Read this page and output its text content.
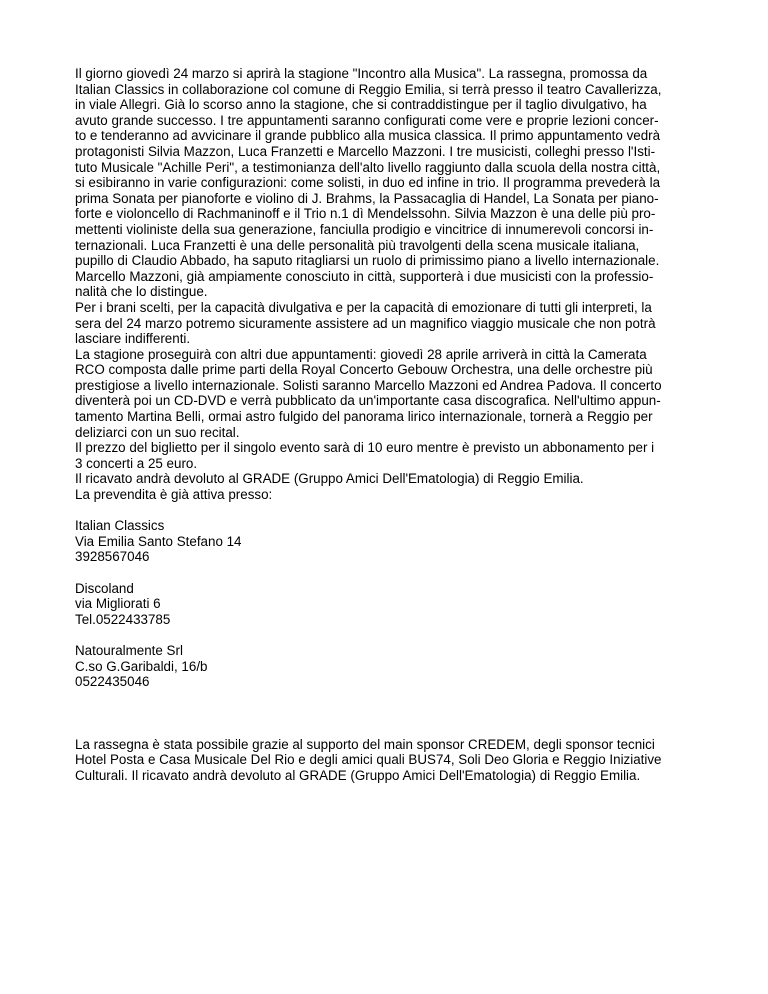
Il giorno giovedì 24 marzo si aprirà la stagione "Incontro alla Musica". La rassegna, promossa da
Italian Classics in collaborazione col comune di Reggio Emilia, si terrà presso il teatro Cavallerizza,
in viale Allegri. Già lo scorso anno la stagione, che si contraddistingue per il taglio divulgativo, ha
avuto grande successo. I tre appuntamenti saranno configurati come vere e proprie lezioni concer-
to e tenderanno ad avvicinare il grande pubblico alla musica classica. Il primo appuntamento vedrà
protagonisti Silvia Mazzon, Luca Franzetti e Marcello Mazzoni. I tre musicisti, colleghi presso l'Isti-
tuto Musicale "Achille Peri", a testimonianza dell'alto livello raggiunto dalla scuola della nostra città,
si esibiranno in varie configurazioni: come solisti, in duo ed infine in trio. Il programma prevederà la
prima Sonata per pianoforte e violino di J. Brahms, la Passacaglia di Handel, La Sonata per piano-
forte e violoncello di Rachmaninoff e il Trio n.1 dì Mendelssohn. Silvia Mazzon è una delle più pro-
mettenti violiniste della sua generazione, fanciulla prodigio e vincitrice di innumerevoli concorsi in-
ternazionali. Luca Franzetti è una delle personalità più travolgenti della scena musicale italiana,
pupillo di Claudio Abbado, ha saputo ritagliarsi un ruolo di primissimo piano a livello internazionale.
Marcello Mazzoni, già ampiamente conosciuto in città, supporterà i due musicisti con la professio-
nalità che lo distingue.
Per i brani scelti, per la capacità divulgativa e per la capacità di emozionare di tutti gli interpreti, la
sera del 24 marzo potremo sicuramente assistere ad un magnifico viaggio musicale che non potrà
lasciare indifferenti.
La stagione proseguirà con altri due appuntamenti: giovedì 28 aprile arriverà in città la Camerata
RCO composta dalle prime parti della Royal Concerto Gebouw Orchestra, una delle orchestre più
prestigiose a livello internazionale. Solisti saranno Marcello Mazzoni ed Andrea Padova. Il concerto
diventerà poi un CD-DVD e verrà pubblicato da un'importante casa discografica. Nell'ultimo appun-
tamento Martina Belli, ormai astro fulgido del panorama lirico internazionale, tornerà a Reggio per
deliziarci con un suo recital.
Il prezzo del biglietto per il singolo evento sarà di 10 euro mentre è previsto un abbonamento per i
3 concerti a 25 euro.
Il ricavato andrà devoluto al GRADE (Gruppo Amici Dell'Ematologia) di Reggio Emilia.
La prevendita è già attiva presso:
Italian Classics
Via Emilia Santo Stefano 14
3928567046
Discoland
via Migliorati 6
Tel.0522433785
Natouralmente Srl
C.so G.Garibaldi, 16/b
0522435046
La rassegna è stata possibile grazie al supporto del main sponsor CREDEM, degli sponsor tecnici
Hotel Posta e Casa Musicale Del Rio e degli amici quali BUS74, Soli Deo Gloria e Reggio Iniziative
Culturali. Il ricavato andrà devoluto al GRADE (Gruppo Amici Dell'Ematologia) di Reggio Emilia.
